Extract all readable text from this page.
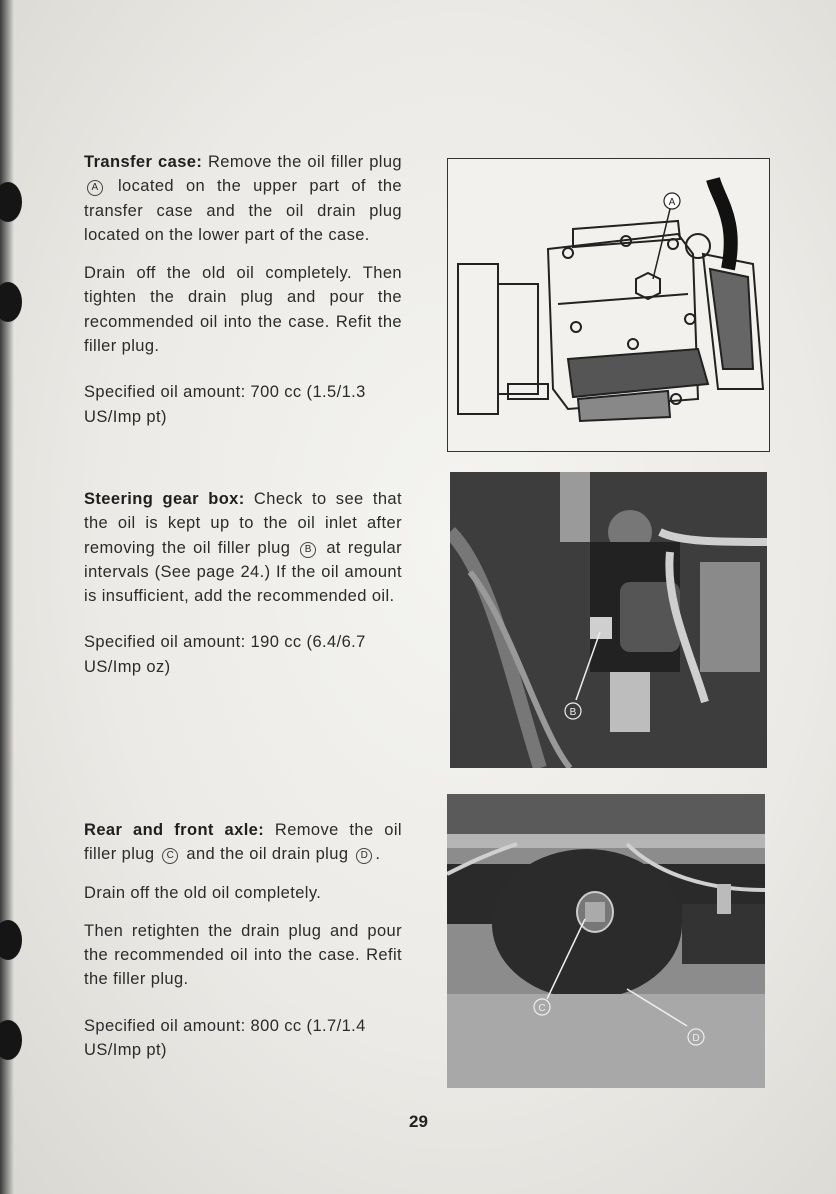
Transfer case: Remove the oil filler plug A located on the upper part of the transfer case and the oil drain plug located on the lower part of the case.

Drain off the old oil completely. Then tighten the drain plug and pour the recommended oil into the case. Refit the filler plug.

Specified oil amount: 700 cc (1.5/1.3 US/Imp pt)

Steering gear box: Check to see that the oil is kept up to the oil inlet after removing the oil filler plug B at regular intervals (See page 24.) If the oil amount is insufficient, add the recommended oil.

Specified oil amount: 190 cc (6.4/6.7 US/Imp oz)

Rear and front axle: Remove the oil filler plug C and the oil drain plug D .

Drain off the old oil completely.

Then retighten the drain plug and pour the recommended oil into the case. Refit the filler plug.

Specified oil amount: 800 cc (1.7/1.4 US/Imp pt)

A
B
C
D
29
